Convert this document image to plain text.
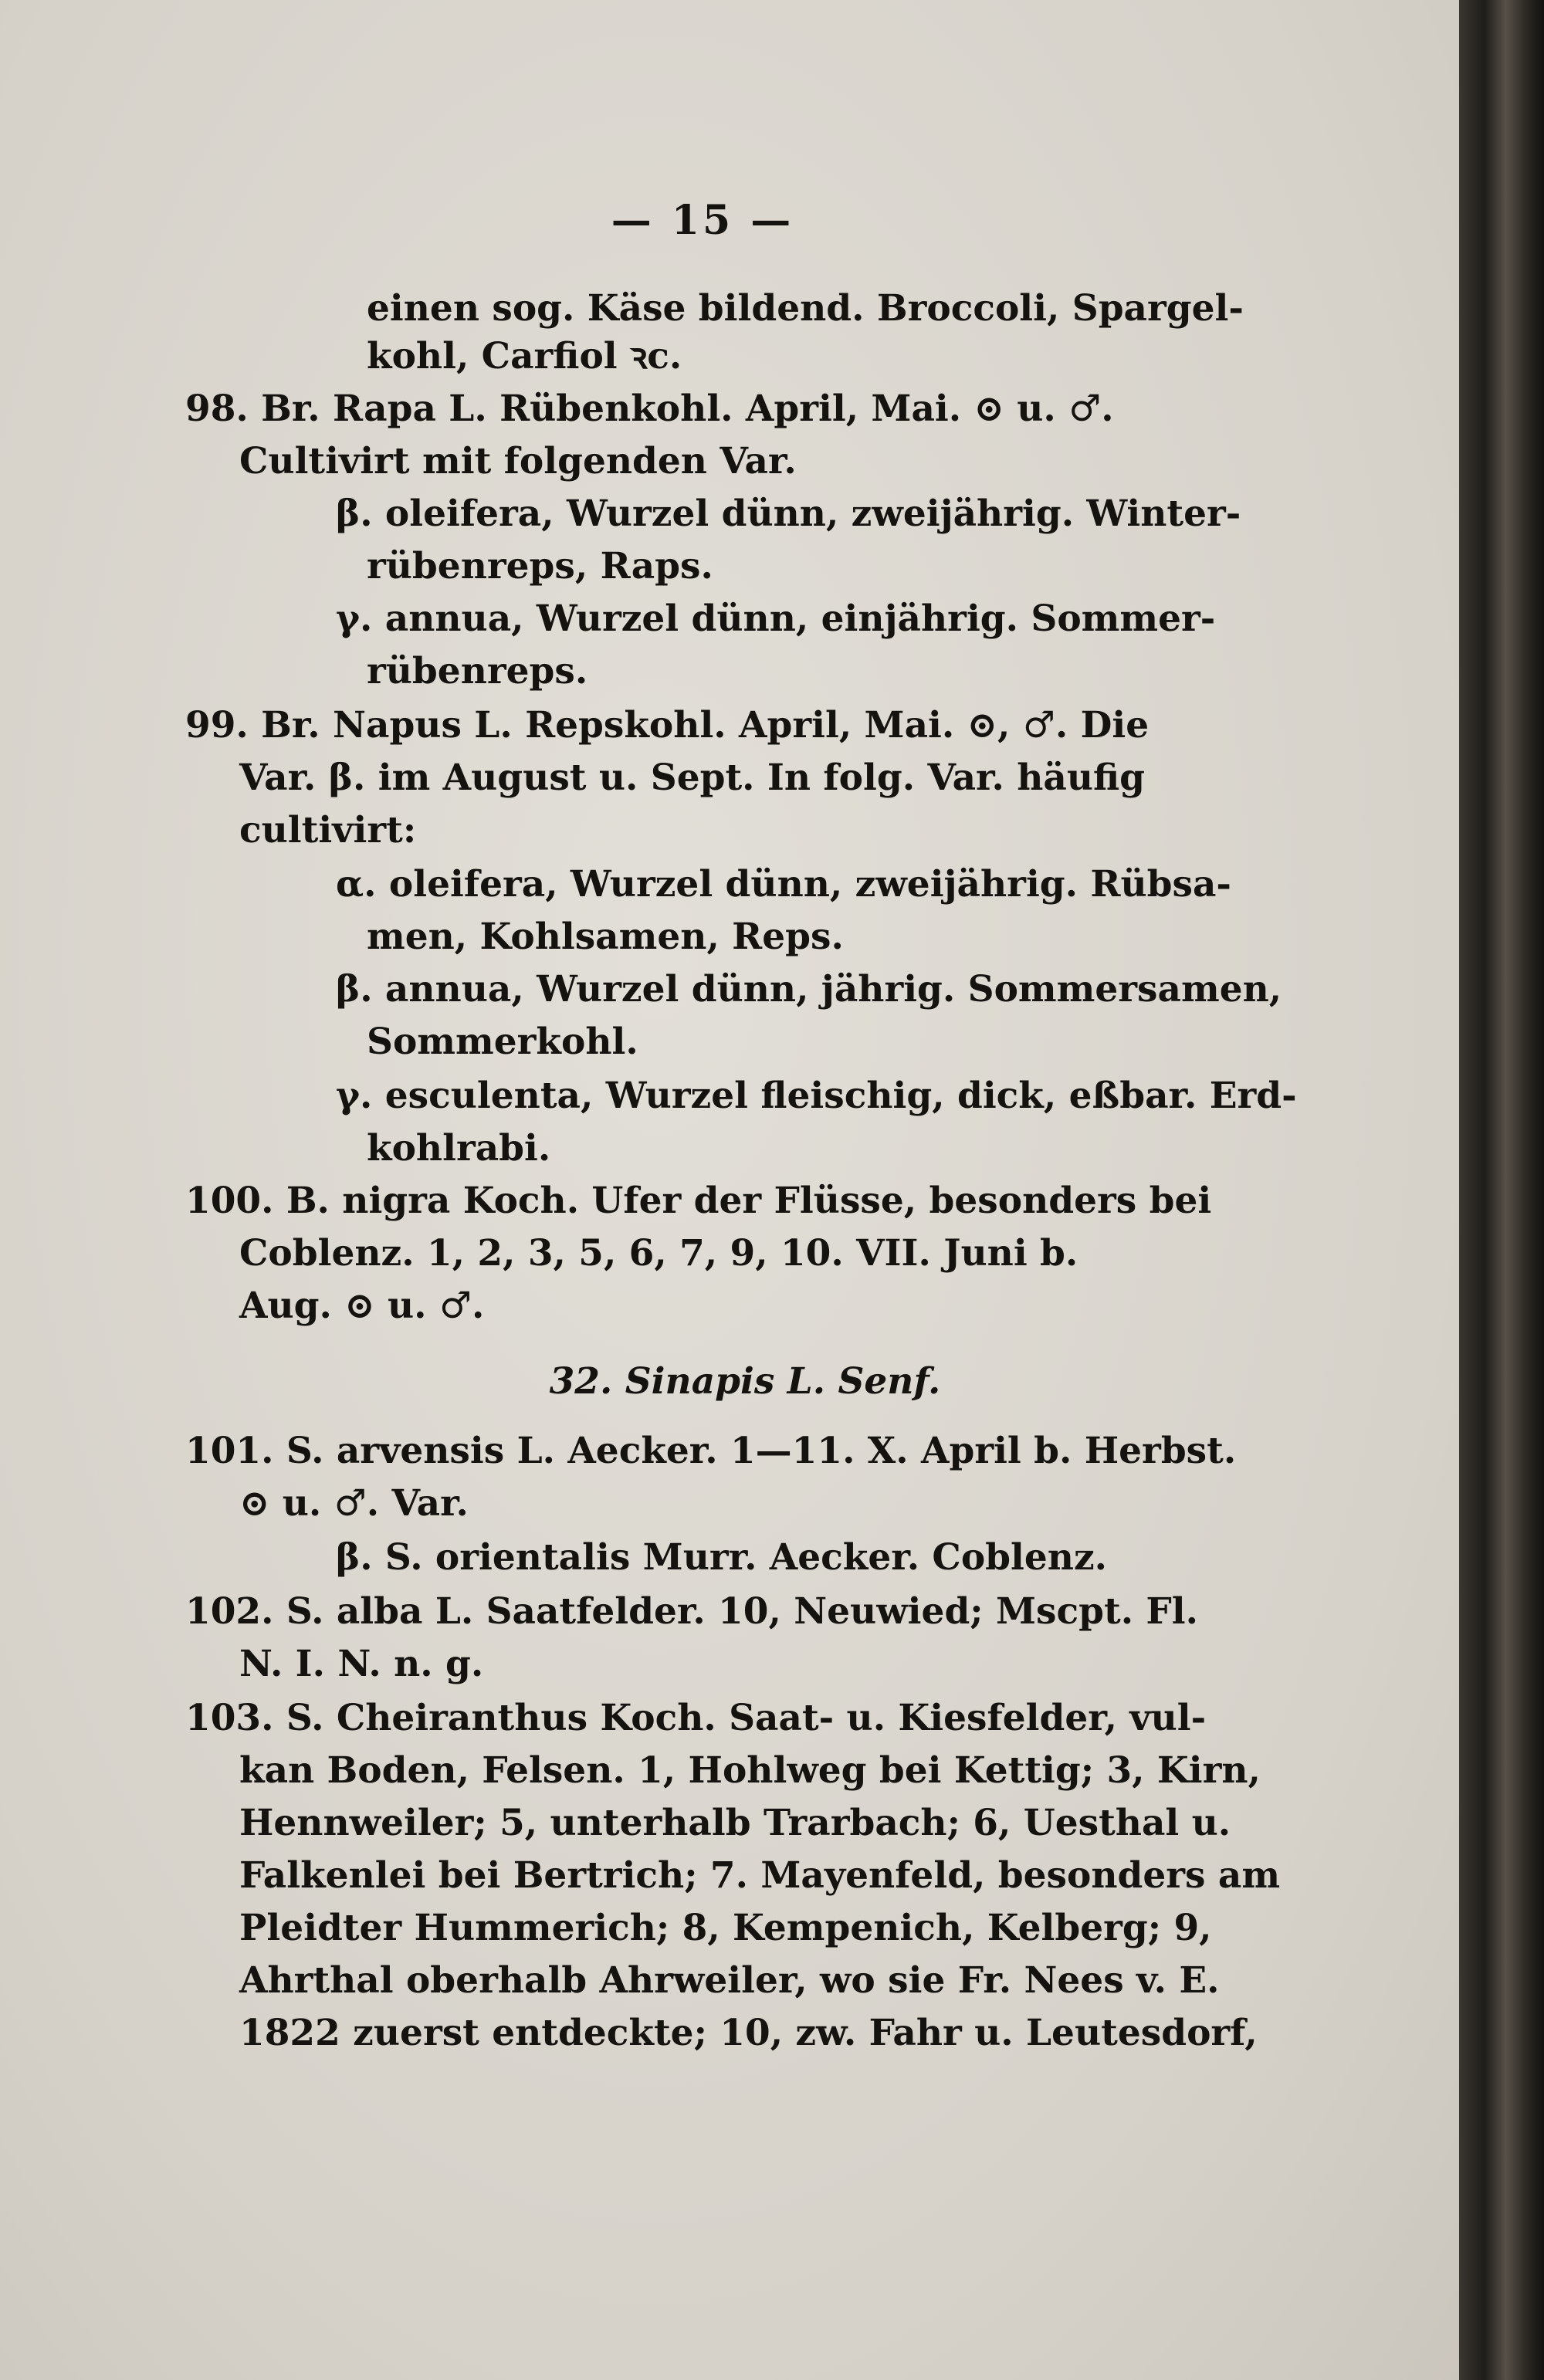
— 15 —
einen sog. Käse bildend. Broccoli, Spargel-
kohl, Carfiol ꝛc.
98. Br. Rapa L. Rübenkohl. April, Mai. ⊙ u. ♂.
Cultivirt mit folgenden Var.
β. oleifera, Wurzel dünn, zweijährig. Winter-
rübenreps, Raps.
γ. annua, Wurzel dünn, einjährig. Sommer-
rübenreps.
99. Br. Napus L. Repskohl. April, Mai. ⊙, ♂. Die
Var. β. im August u. Sept. In folg. Var. häufig
cultivirt:
α. oleifera, Wurzel dünn, zweijährig. Rübsa-
men, Kohlsamen, Reps.
β. annua, Wurzel dünn, jährig. Sommersamen,
Sommerkohl.
γ. esculenta, Wurzel fleischig, dick, eßbar. Erd-
kohlrabi.
100. B. nigra Koch. Ufer der Flüsse, besonders bei
Coblenz. 1, 2, 3, 5, 6, 7, 9, 10. VII. Juni b.
Aug. ⊙ u. ♂.
32. Sinapis L. Senf.
101. S. arvensis L. Aecker. 1—11. X. April b. Herbst.
⊙ u. ♂. Var.
β. S. orientalis Murr. Aecker. Coblenz.
102. S. alba L. Saatfelder. 10, Neuwied; Mscpt. Fl.
N. I. N. n. g.
103. S. Cheiranthus Koch. Saat- u. Kiesfelder, vul-
kan Boden, Felsen. 1, Hohlweg bei Kettig; 3, Kirn,
Hennweiler; 5, unterhalb Trarbach; 6, Uesthal u.
Falkenlei bei Bertrich; 7. Mayenfeld, besonders am
Pleidter Hummerich; 8, Kempenich, Kelberg; 9,
Ahrthal oberhalb Ahrweiler, wo sie Fr. Nees v. E.
1822 zuerst entdeckte; 10, zw. Fahr u. Leutesdorf,
